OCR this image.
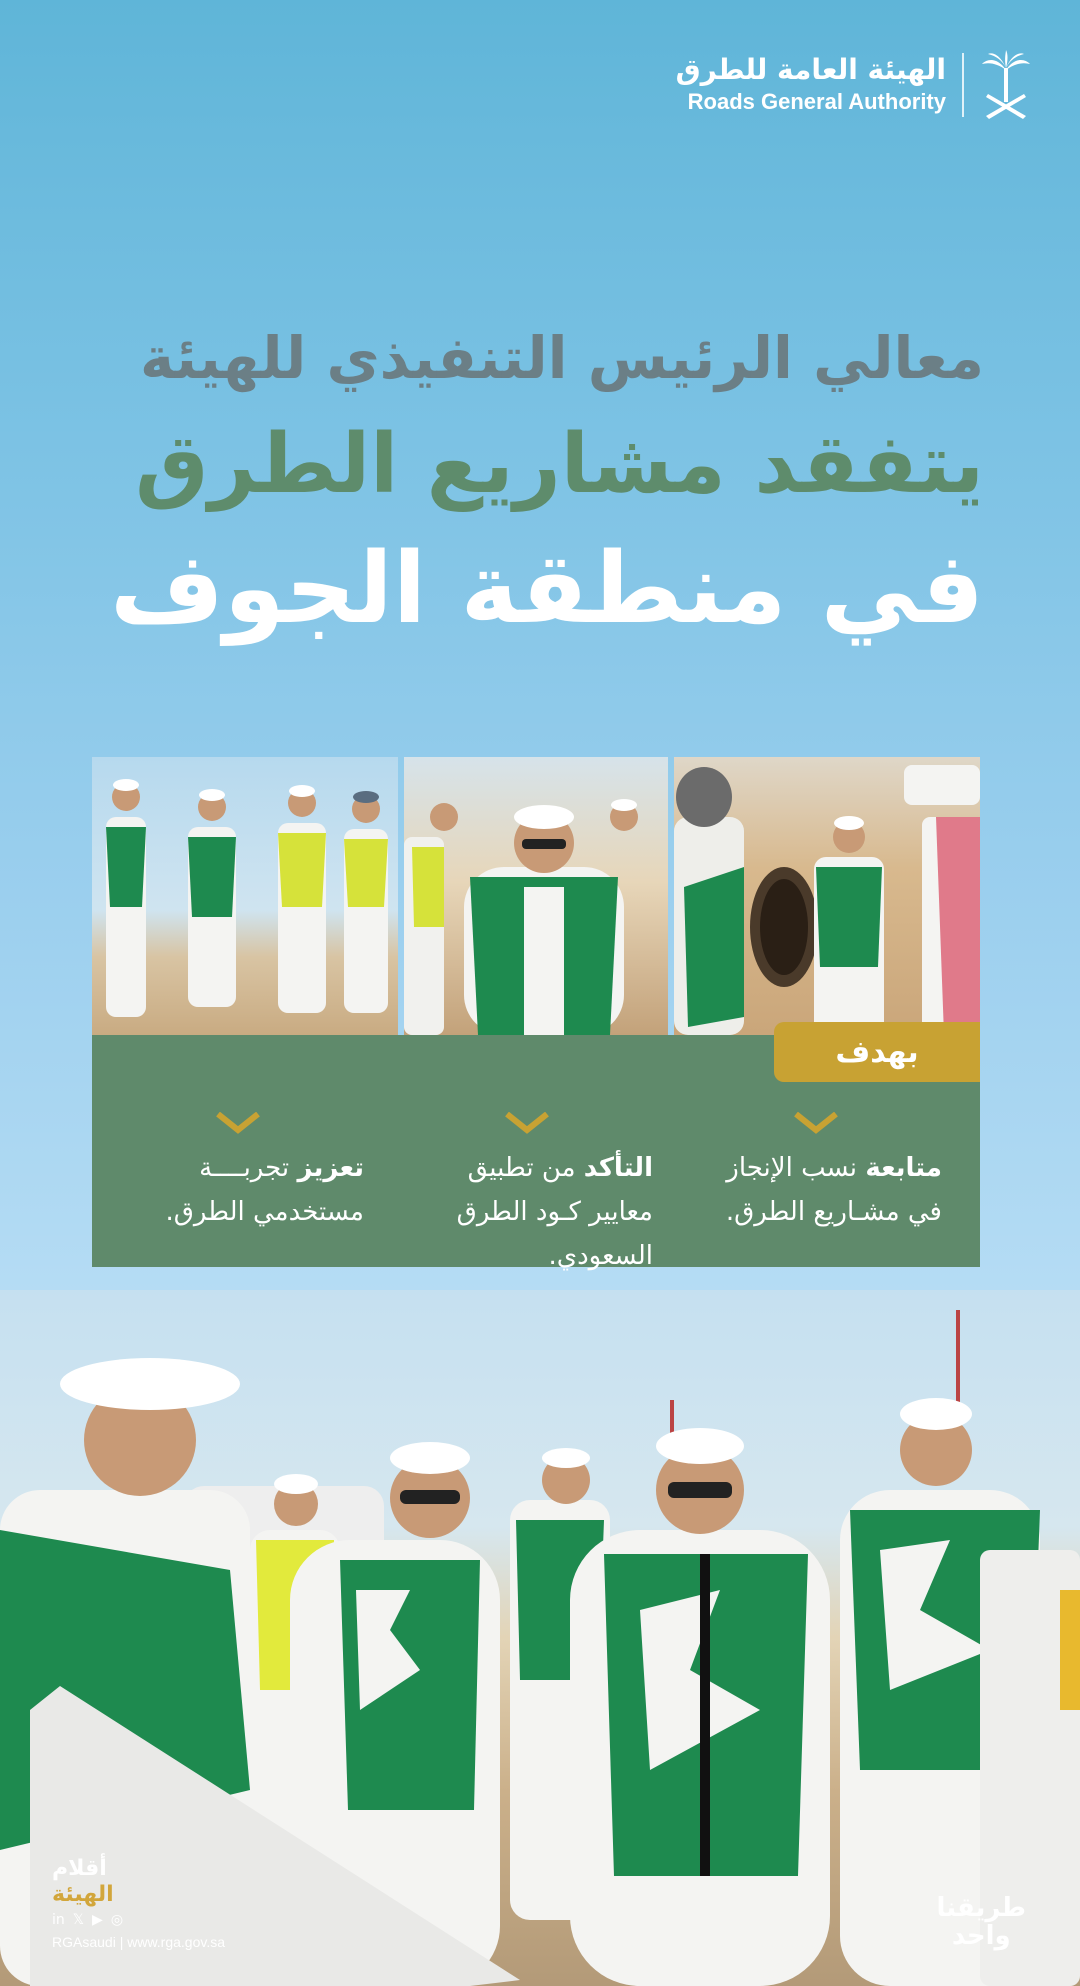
الهيئة العامة للطرق
Roads General Authority
معالي الرئيس التنفيذي للهيئة
يتفقد مشاريع الطرق
في منطقة الجوف
بهدف
متابعة نسب الإنجاز في مشـاريع الطرق.
التأكد من تطبيق معايير كـود الطرق السعودي.
تعزيز تجربــــة مستخدمي الطرق.
أقلام
الهيئة
in 𝕏 ▶ ◎
RGAsaudi | www.rga.gov.sa
طريقنا
واحد
